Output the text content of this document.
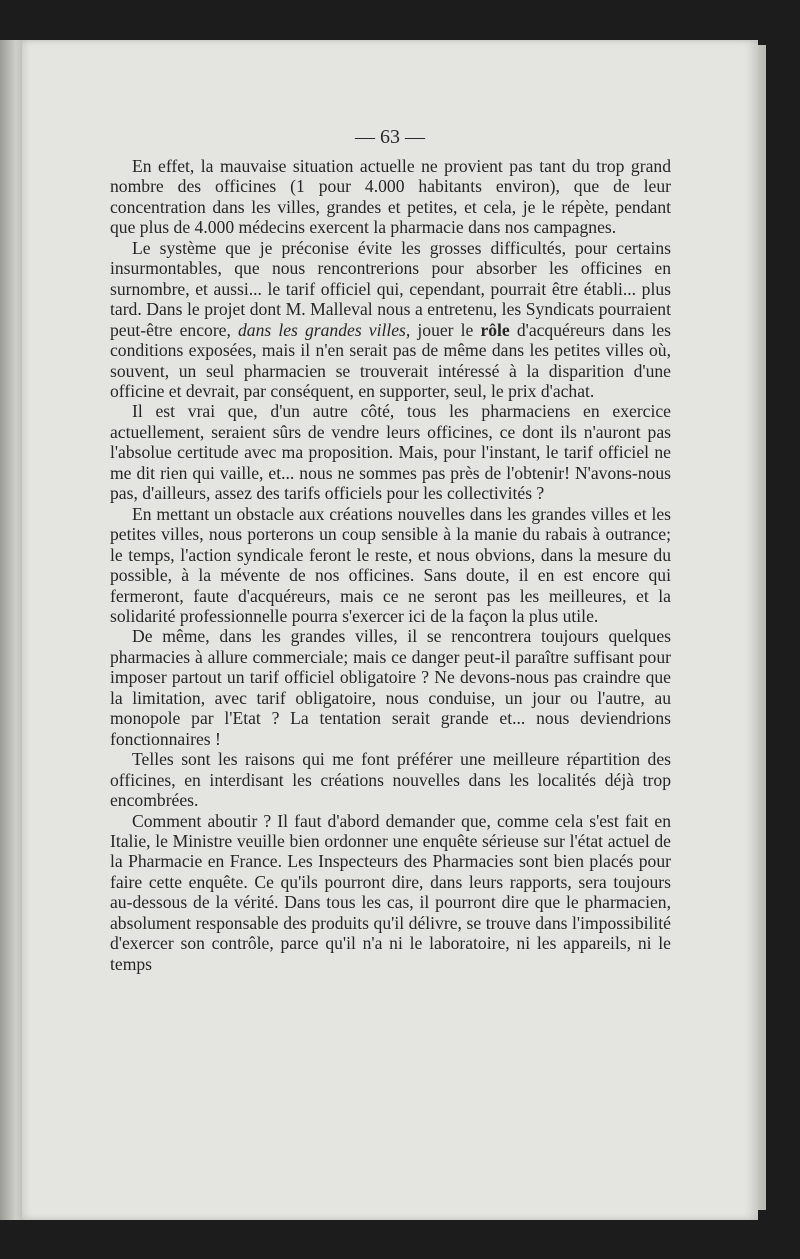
— 63 —

En effet, la mauvaise situation actuelle ne provient pas tant du trop grand nombre des officines (1 pour 4.000 habitants environ), que de leur concentration dans les villes, grandes et petites, et cela, je le répète, pendant que plus de 4.000 médecins exercent la pharmacie dans nos campagnes.

Le système que je préconise évite les grosses difficultés, pour certains insurmontables, que nous rencontrerions pour absorber les officines en surnombre, et aussi... le tarif officiel qui, cependant, pourrait être établi... plus tard. Dans le projet dont M. Malleval nous a entretenu, les Syndicats pourraient peut-être encore, dans les grandes villes, jouer le rôle d'acquéreurs dans les conditions exposées, mais il n'en serait pas de même dans les petites villes où, souvent, un seul pharmacien se trouverait intéressé à la disparition d'une officine et devrait, par conséquent, en supporter, seul, le prix d'achat.

Il est vrai que, d'un autre côté, tous les pharmaciens en exercice actuellement, seraient sûrs de vendre leurs officines, ce dont ils n'auront pas l'absolue certitude avec ma proposition. Mais, pour l'instant, le tarif officiel ne me dit rien qui vaille, et... nous ne sommes pas près de l'obtenir! N'avons-nous pas, d'ailleurs, assez des tarifs officiels pour les collectivités ?

En mettant un obstacle aux créations nouvelles dans les grandes villes et les petites villes, nous porterons un coup sensible à la manie du rabais à outrance; le temps, l'action syndicale feront le reste, et nous obvions, dans la mesure du possible, à la mévente de nos officines. Sans doute, il en est encore qui fermeront, faute d'acquéreurs, mais ce ne seront pas les meilleures, et la solidarité professionnelle pourra s'exercer ici de la façon la plus utile.

De même, dans les grandes villes, il se rencontrera toujours quelques pharmacies à allure commerciale; mais ce danger peut-il paraître suffisant pour imposer partout un tarif officiel obligatoire ? Ne devons-nous pas craindre que la limitation, avec tarif obligatoire, nous conduise, un jour ou l'autre, au monopole par l'Etat ? La tentation serait grande et... nous deviendrions fonctionnaires !

Telles sont les raisons qui me font préférer une meilleure répartition des officines, en interdisant les créations nouvelles dans les localités déjà trop encombrées.

Comment aboutir ? Il faut d'abord demander que, comme cela s'est fait en Italie, le Ministre veuille bien ordonner une enquête sérieuse sur l'état actuel de la Pharmacie en France. Les Inspecteurs des Pharmacies sont bien placés pour faire cette enquête. Ce qu'ils pourront dire, dans leurs rapports, sera toujours au-dessous de la vérité. Dans tous les cas, il pourront dire que le pharmacien, absolument responsable des produits qu'il délivre, se trouve dans l'impossibilité d'exercer son contrôle, parce qu'il n'a ni le laboratoire, ni les appareils, ni le temps
